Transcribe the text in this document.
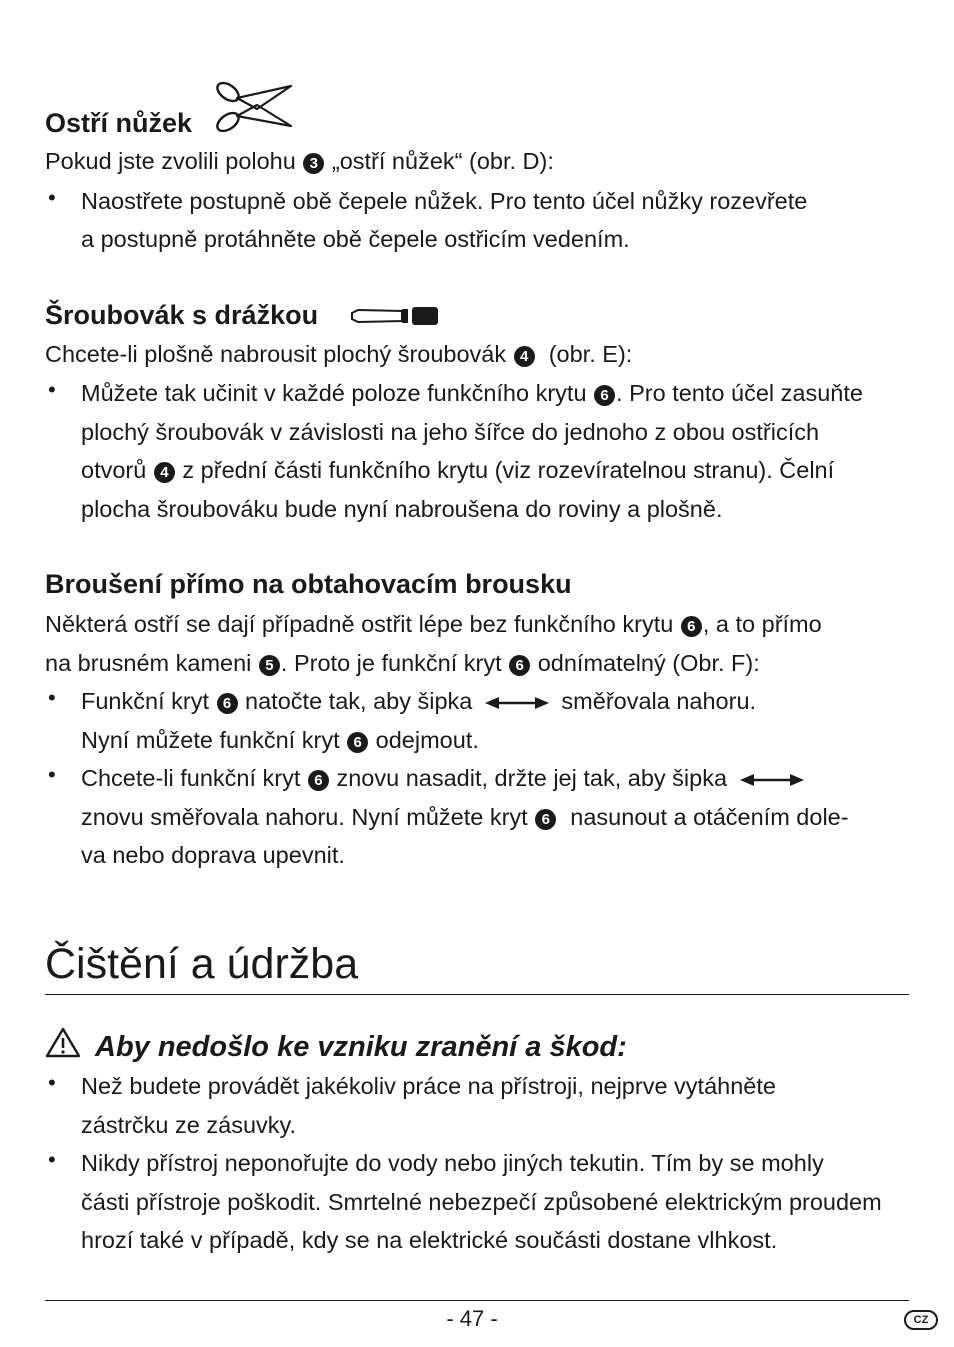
Ostří nůžek
Pokud jste zvolili polohu 3 „ostří nůžek“ (obr. D):
• Naostřete postupně obě čepele nůžek. Pro tento účel nůžky rozevřete
a postupně protáhněte obě čepele ostřicím vedením.
Šroubovák s drážkou
Chcete-li plošně nabrousit plochý šroubovák 4 (obr. E):
• Můžete tak učinit v každé poloze funkčního krytu 6 . Pro tento účel zasuňte
plochý šroubovák v závislosti na jeho šířce do jednoho z obou ostřicích
otvorů 4 z přední části funkčního krytu (viz rozevíratelnou stranu). Čelní
plocha šroubováku bude nyní nabroušena do roviny a plošně.
Broušení přímo na obtahovacím brousku
Některá ostří se dají případně ostřit lépe bez funkčního krytu 6 , a to přímo
na brusném kameni 5 . Proto je funkční kryt 6 odnímatelný (Obr. F):
• Funkční kryt 6 natočte tak, aby šipka	směřovala nahoru.
Nyní můžete funkční kryt 6 odejmout.
• Chcete-li funkční kryt 6 znovu nasadit, držte jej tak, aby šipka
znovu směřovala nahoru. Nyní můžete kryt 6 nasunout a otáčením dole-
va nebo doprava upevnit.
Čištění a údržba
Aby nedošlo ke vzniku zranění a škod:
• Než budete provádět jakékoliv práce na přístroji, nejprve vytáhněte
zástrčku ze zásuvky.
• Nikdy přístroj neponořujte do vody nebo jiných tekutin. Tím by se mohly
části přístroje poškodit. Smrtelné nebezpečí způsobené elektrickým proudem
hrozí také v případě, kdy se na elektrické součásti dostane vlhkost.
- 47 -	CZ
